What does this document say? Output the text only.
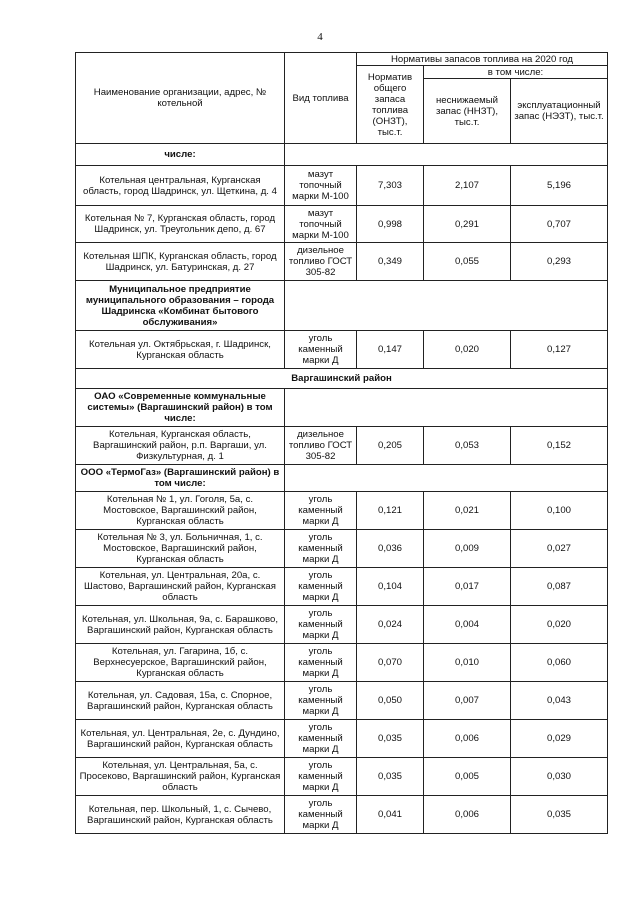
4
Наименование организации, адрес, № котельной	Вид топлива	Нормативы запасов топлива на 2020 год		
		Норматив общего запаса топлива (ОНЗТ), тыс.т.	в том числе:	
			неснижаемый запас (ННЗТ), тыс.т.	эксплуатационный запас (НЭЗТ), тыс.т.
числе:				
Котельная центральная, Курганская область, город Шадринск, ул. Щеткина, д. 4	мазут топочный марки М-100	7,303	2,107	5,196
Котельная № 7, Курганская область, город Шадринск, ул. Треугольник депо, д. 67	мазут топочный марки М-100	0,998	0,291	0,707
Котельная ШПК, Курганская область, город Шадринск, ул. Батуринская, д. 27	дизельное топливо ГОСТ 305-82	0,349	0,055	0,293
Муниципальное предприятие муниципального образования – города Шадринска «Комбинат бытового обслуживания»				
Котельная ул. Октябрьская, г. Шадринск, Курганская область	уголь каменный марки Д	0,147	0,020	0,127
Варгашинский район				
ОАО «Современные коммунальные системы» (Варгашинский район) в том числе:				
Котельная, Курганская область, Варгашинский район, р.п. Варгаши, ул. Физкультурная, д. 1	дизельное топливо ГОСТ 305-82	0,205	0,053	0,152
ООО «ТермоГаз» (Варгашинский район) в том числе:				
Котельная № 1, ул. Гоголя, 5а, с. Мостовское, Варгашинский район, Курганская область	уголь каменный марки Д	0,121	0,021	0,100
Котельная № 3, ул. Больничная, 1, с. Мостовское, Варгашинский район, Курганская область	уголь каменный марки Д	0,036	0,009	0,027
Котельная, ул. Центральная, 20а, с. Шастово, Варгашинский район, Курганская область	уголь каменный марки Д	0,104	0,017	0,087
Котельная, ул. Школьная, 9а, с. Барашково, Варгашинский район, Курганская область	уголь каменный марки Д	0,024	0,004	0,020
Котельная, ул. Гагарина, 1б, с. Верхнесуерское, Варгашинский район, Курганская область	уголь каменный марки Д	0,070	0,010	0,060
Котельная, ул. Садовая, 15а, с. Спорное, Варгашинский район, Курганская область	уголь каменный марки Д	0,050	0,007	0,043
Котельная, ул. Центральная, 2е, с. Дундино, Варгашинский район, Курганская область	уголь каменный марки Д	0,035	0,006	0,029
Котельная, ул. Центральная, 5а, с. Просеково, Варгашинский район, Курганская область	уголь каменный марки Д	0,035	0,005	0,030
Котельная, пер. Школьный, 1, с. Сычево, Варгашинский район, Курганская область	уголь каменный марки Д	0,041	0,006	0,035
